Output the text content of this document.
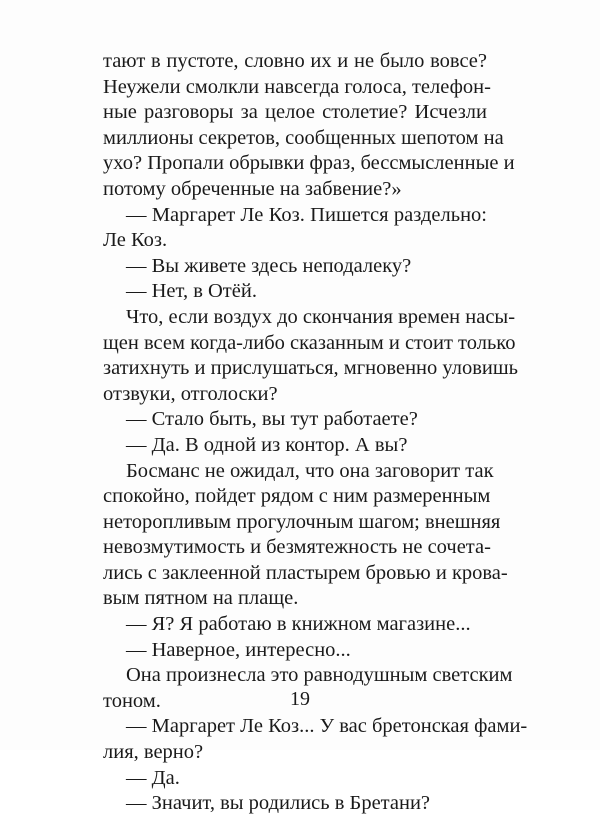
тают в пустоте, словно их и не было вовсе?
Неужели смолкли навсегда голоса, телефон-
ные разговоры за целое столетие? Исчезли
миллионы секретов, сообщенных шепотом на
ухо? Пропали обрывки фраз, бессмысленные и
потому обреченные на забвение?»
— Маргарет Ле Коз. Пишется раздельно:
Ле Коз.
— Вы живете здесь неподалеку?
— Нет, в Отёй.
Что, если воздух до скончания времен насы-
щен всем когда-либо сказанным и стоит только
затихнуть и прислушаться, мгновенно уловишь
отзвуки, отголоски?
— Стало быть, вы тут работаете?
— Да. В одной из контор. А вы?
Босманс не ожидал, что она заговорит так
спокойно, пойдет рядом с ним размеренным
неторопливым прогулочным шагом; внешняя
невозмутимость и безмятежность не сочета-
лись с заклеенной пластырем бровью и крова-
вым пятном на плаще.
— Я? Я работаю в книжном магазине...
— Наверное, интересно...
Она произнесла это равнодушным светским
тоном.
— Маргарет Ле Коз... У вас бретонская фами-
лия, верно?
— Да.
— Значит, вы родились в Бретани?
19
